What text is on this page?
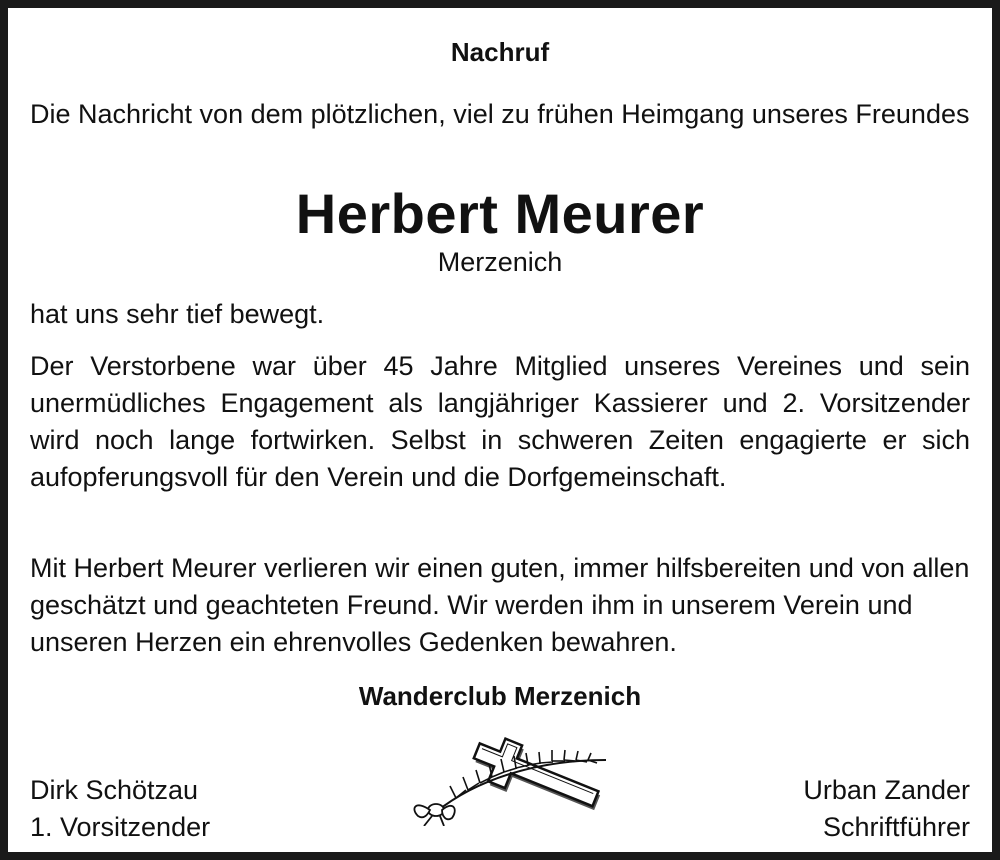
Nachruf
Die Nachricht von dem plötzlichen, viel zu frühen Heimgang unseres Freundes
Herbert Meurer
Merzenich
hat uns sehr tief bewegt.
Der Verstorbene war über 45 Jahre Mitglied unseres Vereines und sein unermüdliches Engagement als langjähriger Kassierer und 2. Vorsitzender wird noch lange fortwirken. Selbst in schweren Zeiten engagierte er sich aufopferungsvoll für den Verein und die Dorfgemeinschaft.
Mit Herbert Meurer verlieren wir einen guten, immer hilfsbereiten und von allen geschätzt und geachteten Freund. Wir werden ihm in unserem Verein und unseren Herzen ein ehrenvolles Gedenken bewahren.
Wanderclub Merzenich
Dirk Schötzau
1. Vorsitzender
Urban Zander
Schriftführer
